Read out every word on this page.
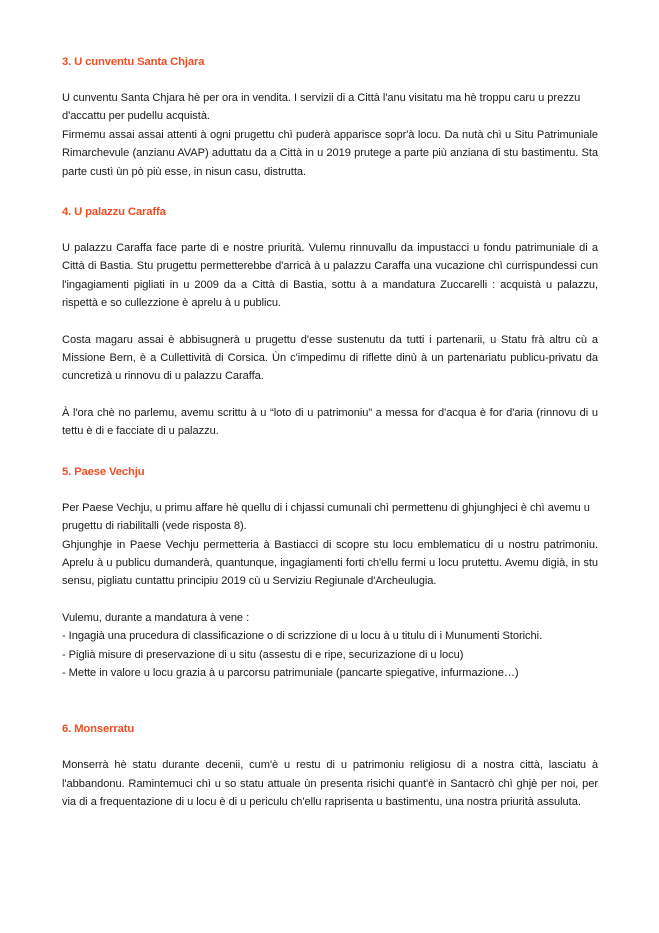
3. U cunventu Santa Chjara

U cunventu Santa Chjara hè per ora in vendita. I servizii di a Città l'anu visitatu ma hè troppu caru u prezzu d'accattu per pudellu acquistà.

Firmemu assai assai attenti à ogni prugettu chì puderà apparisce sopr'à locu. Da nutà chì u Situ Patrimuniale Rimarchevule (anzianu AVAP) aduttatu da a Città in u 2019 prutege a parte più anziana di stu bastimentu. Sta parte custì ùn pò più esse, in nisun casu, distrutta.

4. U palazzu Caraffa

U palazzu Caraffa face parte di e nostre priurità. Vulemu rinnuvallu da impustacci u fondu patrimuniale di a Città di Bastia. Stu prugettu permetterebbe d'arricà à u palazzu Caraffa una vucazione chì currispundessi cun l'ingagiamenti pigliati in u 2009 da a Città di Bastia, sottu à a mandatura Zuccarelli : acquistà u palazzu, rispettà e so cullezzione è aprelu à u publicu.

Costa magaru assai è abbisugnerà u prugettu d'esse sustenutu da tutti i partenarii, u Statu frà altru cù a Missione Bern, è a Cullettività di Corsica. Ùn c'impedimu di riflette dinù à un partenariatu publicu-privatu da cuncretizà u rinnovu di u palazzu Caraffa.

À l'ora chè no parlemu, avemu scrittu à u “loto di u patrimoniu” a messa for d'acqua è for d'aria (rinnovu di u tettu è di e facciate di u palazzu.

5. Paese Vechju

Per Paese Vechju, u primu affare hè quellu di i chjassi cumunali chì permettenu di ghjunghjeci è chì avemu u prugettu di riabilitalli (vede risposta 8).

Ghjunghje in Paese Vechju permetteria à Bastiacci di scopre stu locu emblematicu di u nostru patrimoniu. Aprelu à u publicu dumanderà, quantunque, ingagiamenti forti ch'ellu fermi u locu prutettu. Avemu digià, in stu sensu, pigliatu cuntattu principiu 2019 cù u Serviziu Regiunale d'Archeulugia.

Vulemu, durante a mandatura à vene :

- Ingagià una prucedura di classificazione o di scrizzione di u locu à u titulu di i Munumenti Storichi.

- Piglià misure di preservazione di u situ (assestu di e ripe, securizazione di u locu)

- Mette in valore u locu grazia à u parcorsu patrimuniale (pancarte spiegative, infurmazione…)

6. Monserratu

Monserrà hè statu durante decenii, cum'è u restu di u patrimoniu religiosu di a nostra città, lasciatu à l'abbandonu. Ramintemuci chì u so statu attuale ùn presenta risichi quant'è in Santacrò chì ghjè per noi, per via di a frequentazione di u locu è di u periculu ch'ellu raprisenta u bastimentu, una nostra priurità assuluta.
